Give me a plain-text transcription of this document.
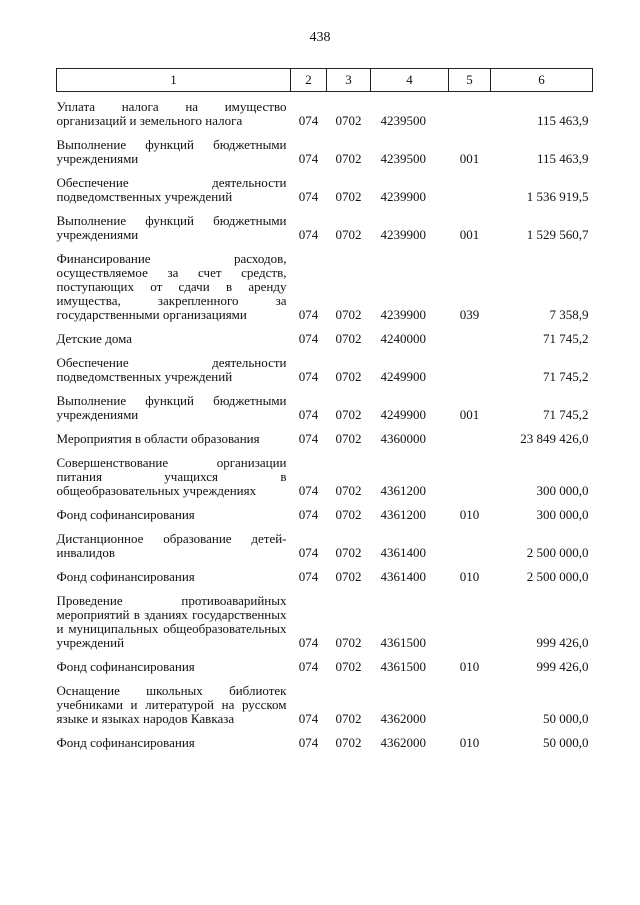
438
1	2	3	4	5	6
Уплата налога на имущество организаций и земельного налога	074	0702	4239500		115 463,9
Выполнение функций бюджетными учреждениями	074	0702	4239500	001	115 463,9
Обеспечение деятельности подведомственных учреждений	074	0702	4239900		1 536 919,5
Выполнение функций бюджетными учреждениями	074	0702	4239900	001	1 529 560,7
Финансирование расходов, осуществляемое за счет средств, поступающих от сдачи в аренду имущества, закрепленного за государственными организациями	074	0702	4239900	039	7 358,9
Детские дома	074	0702	4240000		71 745,2
Обеспечение деятельности подведомственных учреждений	074	0702	4249900		71 745,2
Выполнение функций бюджетными учреждениями	074	0702	4249900	001	71 745,2
Мероприятия в области образования	074	0702	4360000		23 849 426,0
Совершенствование организации питания учащихся в общеобразовательных учреждениях	074	0702	4361200		300 000,0
Фонд софинансирования	074	0702	4361200	010	300 000,0
Дистанционное образование детей-инвалидов	074	0702	4361400		2 500 000,0
Фонд софинансирования	074	0702	4361400	010	2 500 000,0
Проведение противоаварийных мероприятий в зданиях государственных и муниципальных общеобразовательных учреждений	074	0702	4361500		999 426,0
Фонд софинансирования	074	0702	4361500	010	999 426,0
Оснащение школьных библиотек учебниками и литературой на русском языке и языках народов Кавказа	074	0702	4362000		50 000,0
Фонд софинансирования	074	0702	4362000	010	50 000,0
